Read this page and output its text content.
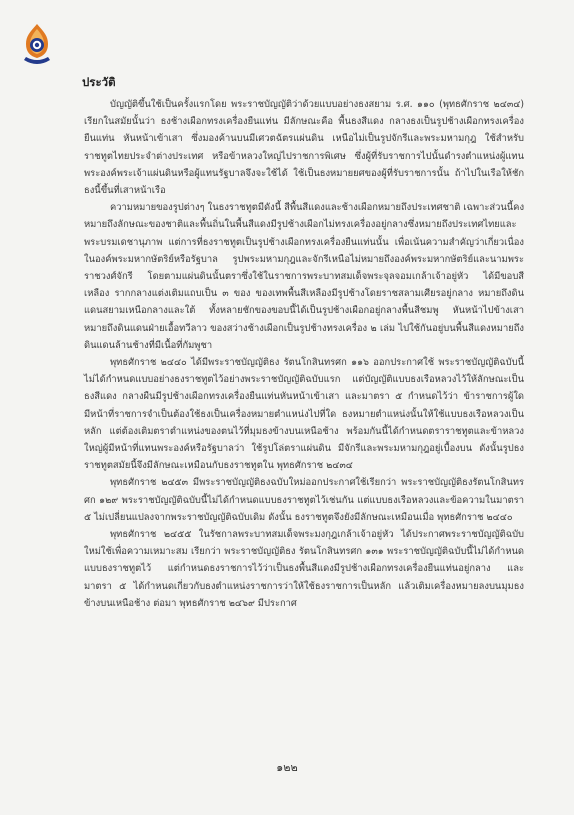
ประวัติ

บัญญัติขึ้นใช้เป็นครั้งแรกโดย พระราชบัญญัติว่าด้วยแบบอย่างธงสยาม ร.ศ. ๑๑๐ (พุทธศักราช ๒๔๓๔) เรียกในสมัยนั้นว่า ธงช้างเผือกทรงเครื่องยืนแท่น มีลักษณะคือ พื้นธงสีแดง กลางธงเป็นรูปช้างเผือกทรงเครื่องยืนแท่น หันหน้าเข้าเสา ซึ่งมองค้านบนมีเศวตฉัตรแผ่นดิน เหนือไม่เป็นรูปจักรีและพระมหามกุฎ ใช้สำหรับราชทูตไทยประจำต่างประเทศ หรือข้าหลวงใหญ่ไปราชการพิเศษ ซึ่งผู้ที่รับราชการไปนั้นดำรงตำแหน่งผู้แทนพระองค์พระเจ้าแผ่นดินหรือผู้แทนรัฐบาลจึงจะใช้ได้ ใช้เป็นธงหมายยศของผู้ที่รับราชการนั้น ถ้าไปในเรือให้ชักธงนี้ขึ้นที่เสาหน้าเรือ

ความหมายของรูปต่างๆ ในธงราชทูตมีดังนี้ สีพื้นสีแดงและช้างเผือกหมายถึงประเทศชาติ เฉพาะส่วนนี้คงหมายถึงลักษณะของชาติและพื้นถิ่นในพื้นสีแดงมีรูปช้างเผือกไม่ทรงเครื่องอยู่กลางซึ่งหมายถึงประเทศไทยและพระบรมเดชานุภาพ แต่การที่ธงราชทูตเป็นรูปช้างเผือกทรงเครื่องยืนแท่นนั้น เพื่อเน้นความสำคัญว่าเกี่ยวเนื่องในองค์พระมหากษัตริย์หรือรัฐบาล รูปพระมหามกุฎและจักรีเหนือไม่หมายถึงองค์พระมหากษัตริย์และนามพระราชวงศ์จักรี โดยตามแผ่นดินนั้นตราซึ่งใช้ในราชการพระบาทสมเด็จพระจุลจอมเกล้าเจ้าอยู่หัว ได้มีขอบสีเหลือง รากกลางแต่งเติมแถบเป็น ๓ ของ ของเทพพื้นสีเหลืองมีรูปช้างโดยราชสลามเศียรอยู่กลาง หมายถึงดินแดนสยามเหนือกลางและใต้ ทั้งหลายชักของขอบนี้ได้เป็นรูปช้างเผือกอยู่กลางพื้นสีชมพู หันหน้าไปข้างเสา หมายถึงดินแดนฝ่ายเอื้อทวีลาว ของสว่างช้างเผือกเป็นรูปช้างทรงเครื่อง ๒ เล่ม ไปใช้กันอยู่บนพื้นสีแดงหมายถึงดินแดนล้านช้างที่มีเนื้อที่กัมพูชา

พุทธศักราช ๒๔๔๐ ได้มีพระราชบัญญัติธง รัตนโกสินทรศก ๑๑๖ ออกประกาศใช้ พระราชบัญญัติฉบับนี้ไม่ได้กำหนดแบบอย่างธงราชทูตไว้อย่างพระราชบัญญัติฉบับแรก แต่บัญญัติแบบธงเรือหลวงไว้ให้ลักษณะเป็นธงสีแดง กลางผืนมีรูปช้างเผือกทรงเครื่องยืนแท่นหันหน้าเข้าเสา และมาตรา ๕ กำหนดไว้ว่า ข้าราชการผู้ใดมีหน้าที่ราชการจำเป็นต้องใช้ธงเป็นเครื่องหมายตำแหน่งไปที่ใด ธงหมายตำแหน่งนั้นให้ใช้แบบธงเรือหลวงเป็นหลัก แต่ต้องเติมตราตำแหน่งของตนไว้ที่มุมธงข้างบนเหนือช้าง พร้อมกันนี้ได้กำหนดตราราชทูตและข้าหลวงใหญ่ผู้มีหน้าที่แทนพระองค์หรือรัฐบาลว่า ใช้รูปโล่ตราแผ่นดิน มีจักรีและพระมหามกุฎอยู่เบื้องบน ดังนั้นรูปธงราชทูตสมัยนี้จึงมีลักษณะเหมือนกับธงราชทูตใน พุทธศักราช ๒๔๓๔

พุทธศักราช ๒๔๕๓ มีพระราชบัญญัติธงฉบับใหม่ออกประกาศใช้เรียกว่า พระราชบัญญัติธงรัตนโกสินทรศก ๑๒๙ พระราชบัญญัติฉบับนี้ไม่ได้กำหนดแบบธงราชทูตไว้เช่นกัน แต่แบบธงเรือหลวงและข้อความในมาตรา ๕ ไม่เปลี่ยนแปลงจากพระราชบัญญัติฉบับเดิม ดังนั้น ธงราชทูตจึงยังมีลักษณะเหมือนเมื่อ พุทธศักราช ๒๔๔๐

พุทธศักราช ๒๔๕๕ ในรัชกาลพระบาทสมเด็จพระมงกุฎเกล้าเจ้าอยู่หัว ได้ประกาศพระราชบัญญัติฉบับใหม่ใช้เพื่อความเหมาะสม เรียกว่า พระราชบัญญัติธง รัตนโกสินทรศก ๑๓๑ พระราชบัญญัติฉบับนี้ไม่ได้กำหนดแบบธงราชทูตไว้ แต่กำหนดธงราชการไว้ว่าเป็นธงพื้นสีแดงมีรูปช้างเผือกทรงเครื่องยืนแท่นอยู่กลาง และมาตรา ๕ ได้กำหนดเกี่ยวกับธงตำแหน่งราชการว่าให้ใช้ธงราชการเป็นหลัก แล้วเติมเครื่องหมายลงบนมุมธงข้างบนเหนือช้าง ต่อมา พุทธศักราช ๒๔๖๙ มีประกาศ

๑๒๒
